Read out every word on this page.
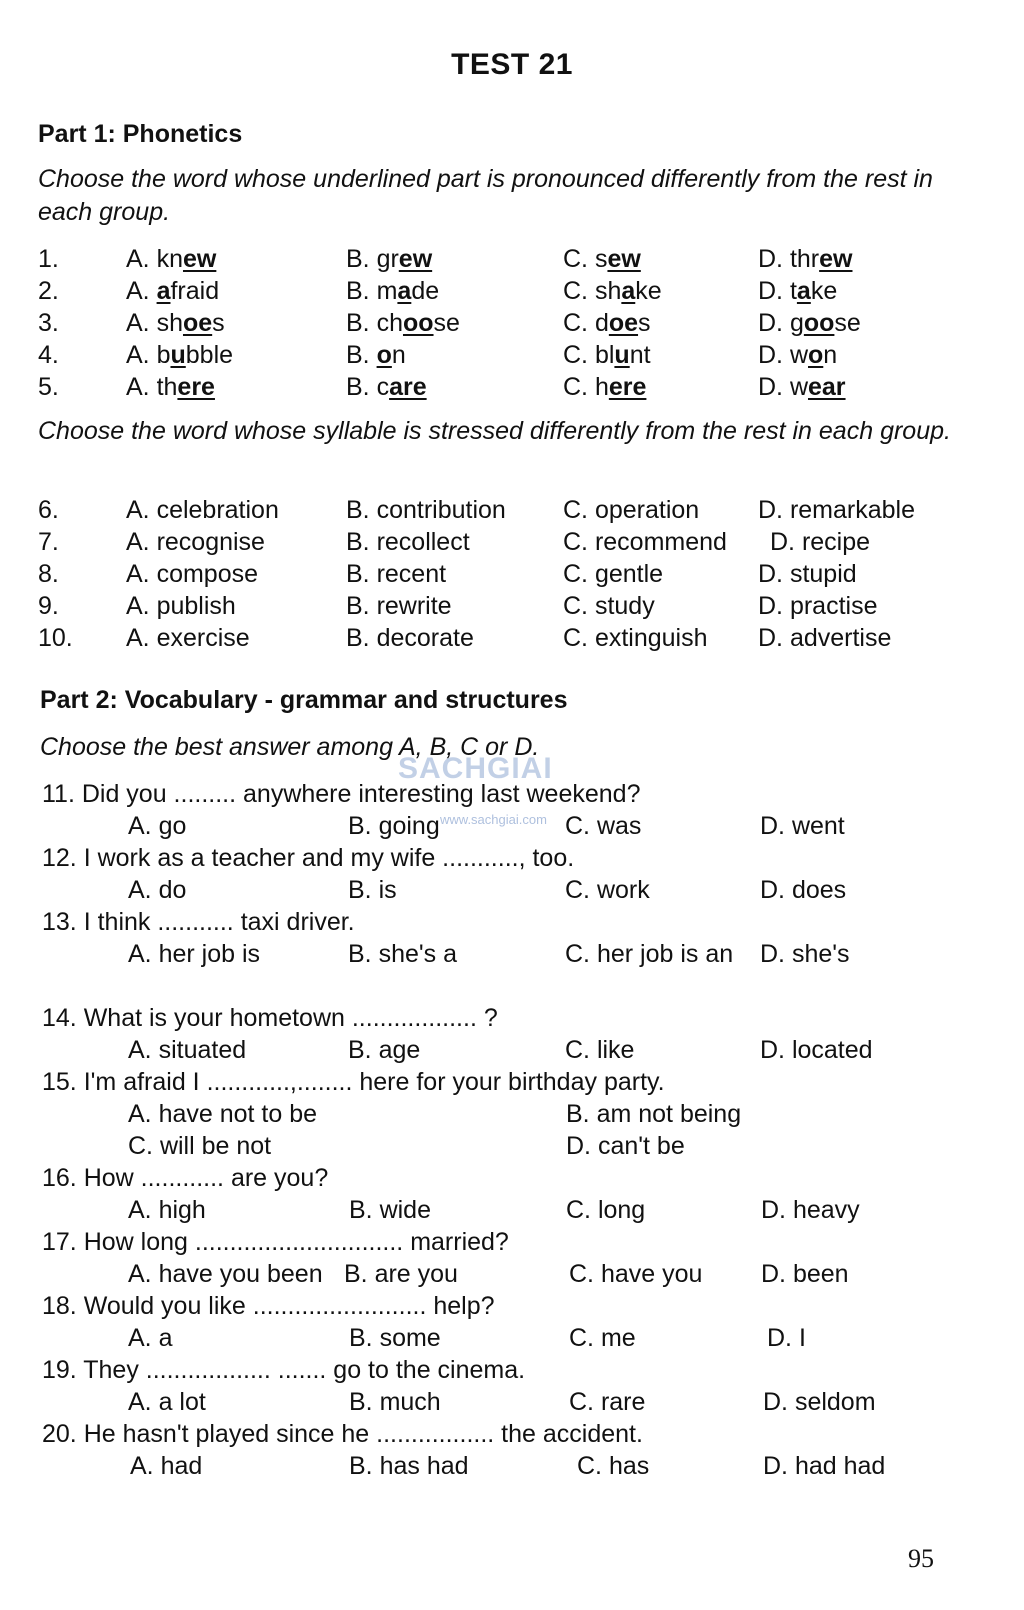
TEST 21
Part 1: Phonetics
Choose the word whose underlined part is pronounced differently from the rest in each group.
1.	A. knew	B. grew	C. sew	D. threw
2.	A. afraid	B. made	C. shake	D. take
3.	A. shoes	B. choose	C. does	D. goose
4.	A. bubble	B. on	C. blunt	D. won
5.	A. there	B. care	C. here	D. wear
Choose the word whose syllable is stressed differently from the rest in each group.
6.	A. celebration	B. contribution C. operation D. remarkable
7.	A. recognise	B. recollect	C. recommend D. recipe
8.	A. compose	B. recent	C. gentle	D. stupid
9.	A. publish	B. rewrite	C. study	D. practise
10. A. exercise	B. decorate	C. extinguish D. advertise
Part 2: Vocabulary - grammar and structures
Choose the best answer among A, B, C or D.
SACHGIAI
www.sachgiai.com
11. Did you ......... anywhere interesting last weekend?
A. go	B. going	C. was	D. went
12. I work as a teacher and my wife ..........., too.
A. do	B. is	C. work	D. does
13. I think ........... taxi driver.
A. her job is	B. she's a	C. her job is an D. she's
14. What is your hometown .................. ?
A. situated	B. age	C. like	D. located
15. I'm afraid I ............,........ here for your birthday party.
A. have not to be	B. am not being
C. will be not	D. can't be
16. How ............ are you?
A. high	B. wide	C. long	D. heavy
17. How long .............................. married?
A. have you been B. are you	C. have you D. been
18. Would you like ......................... help?
A. a	B. some	C. me	D. I
19. They .................. ....... go to the cinema.
A. a lot	B. much	C. rare	D. seldom
20. He hasn't played since he ................. the accident.
A. had	B. has had	C. has	D. had had
95
